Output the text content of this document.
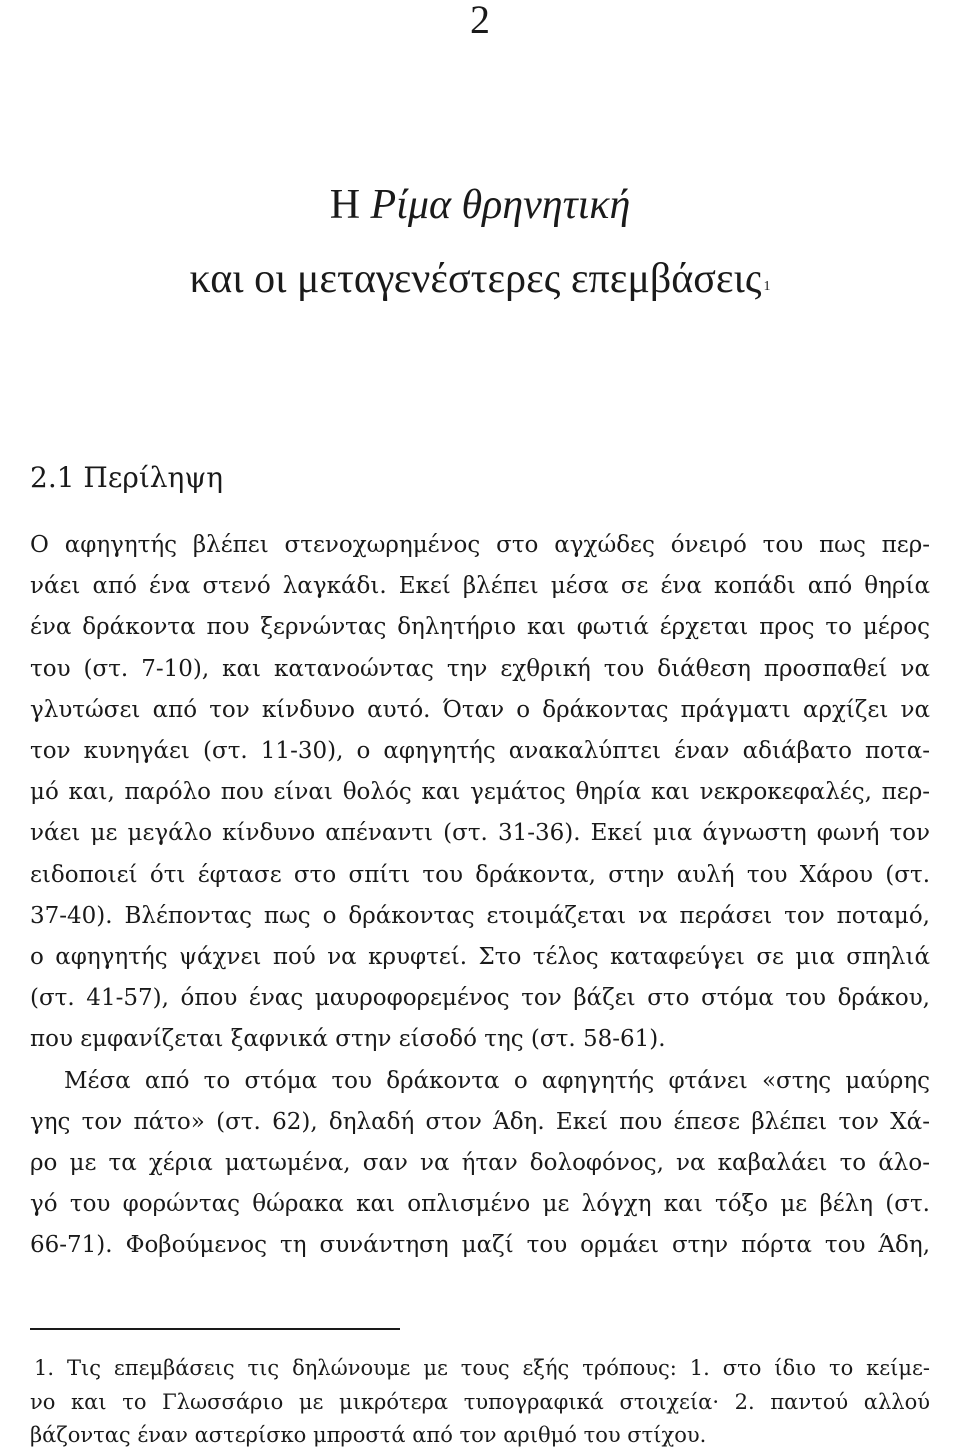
2
Η Ρίμα θρηνητική
και οι μεταγενέστερες επεμβάσεις $^1$
2.1 Περίληψη
Ο αφηγητής βλέπει στενοχωρημένος στο αγχώδες όνειρό του πως περ-
νάει από ένα στενό λαγκάδι. Εκεί βλέπει μέσα σε ένα κοπάδι από θηρία
ένα δράκοντα που ξερνώντας δηλητήριο και φωτιά έρχεται προς το μέρος
του (στ. 7-10), και κατανοώντας την εχθρική του διάθεση προσπαθεί να
γλυτώσει από τον κίνδυνο αυτό. Όταν ο δράκοντας πράγματι αρχίζει να
τον κυνηγάει (στ. 11-30), ο αφηγητής ανακαλύπτει έναν αδιάβατο ποτα-
μό και, παρόλο που είναι θολός και γεμάτος θηρία και νεκροκεφαλές, περ-
νάει με μεγάλο κίνδυνο απέναντι (στ. 31-36). Εκεί μια άγνωστη φωνή τον
ειδοποιεί ότι έφτασε στο σπίτι του δράκοντα, στην αυλή του Χάρου (στ.
37-40). Βλέποντας πως ο δράκοντας ετοιμάζεται να περάσει τον ποταμό,
ο αφηγητής ψάχνει πού να κρυφτεί. Στο τέλος καταφεύγει σε μια σπηλιά
(στ. 41-57), όπου ένας μαυροφορεμένος τον βάζει στο στόμα του δράκου,
που εμφανίζεται ξαφνικά στην είσοδό της (στ. 58-61).
Μέσα από το στόμα του δράκοντα ο αφηγητής φτάνει «στης μαύρης
γης τον πάτο» (στ. 62), δηλαδή στον Άδη. Εκεί που έπεσε βλέπει τον Χά-
ρο με τα χέρια ματωμένα, σαν να ήταν δολοφόνος, να καβαλάει το άλο-
γό του φορώντας θώρακα και οπλισμένο με λόγχη και τόξο με βέλη (στ.
66-71). Φοβούμενος τη συνάντηση μαζί του ορμάει στην πόρτα του Άδη,
1. Τις επεμβάσεις τις δηλώνουμε με τους εξής τρόπους: 1. στο ίδιο το κείμε-
νο και το Γλωσσάριο με μικρότερα τυπογραφικά στοιχεία· 2. παντού αλλού
βάζοντας έναν αστερίσκο μπροστά από τον αριθμό του στίχου.
